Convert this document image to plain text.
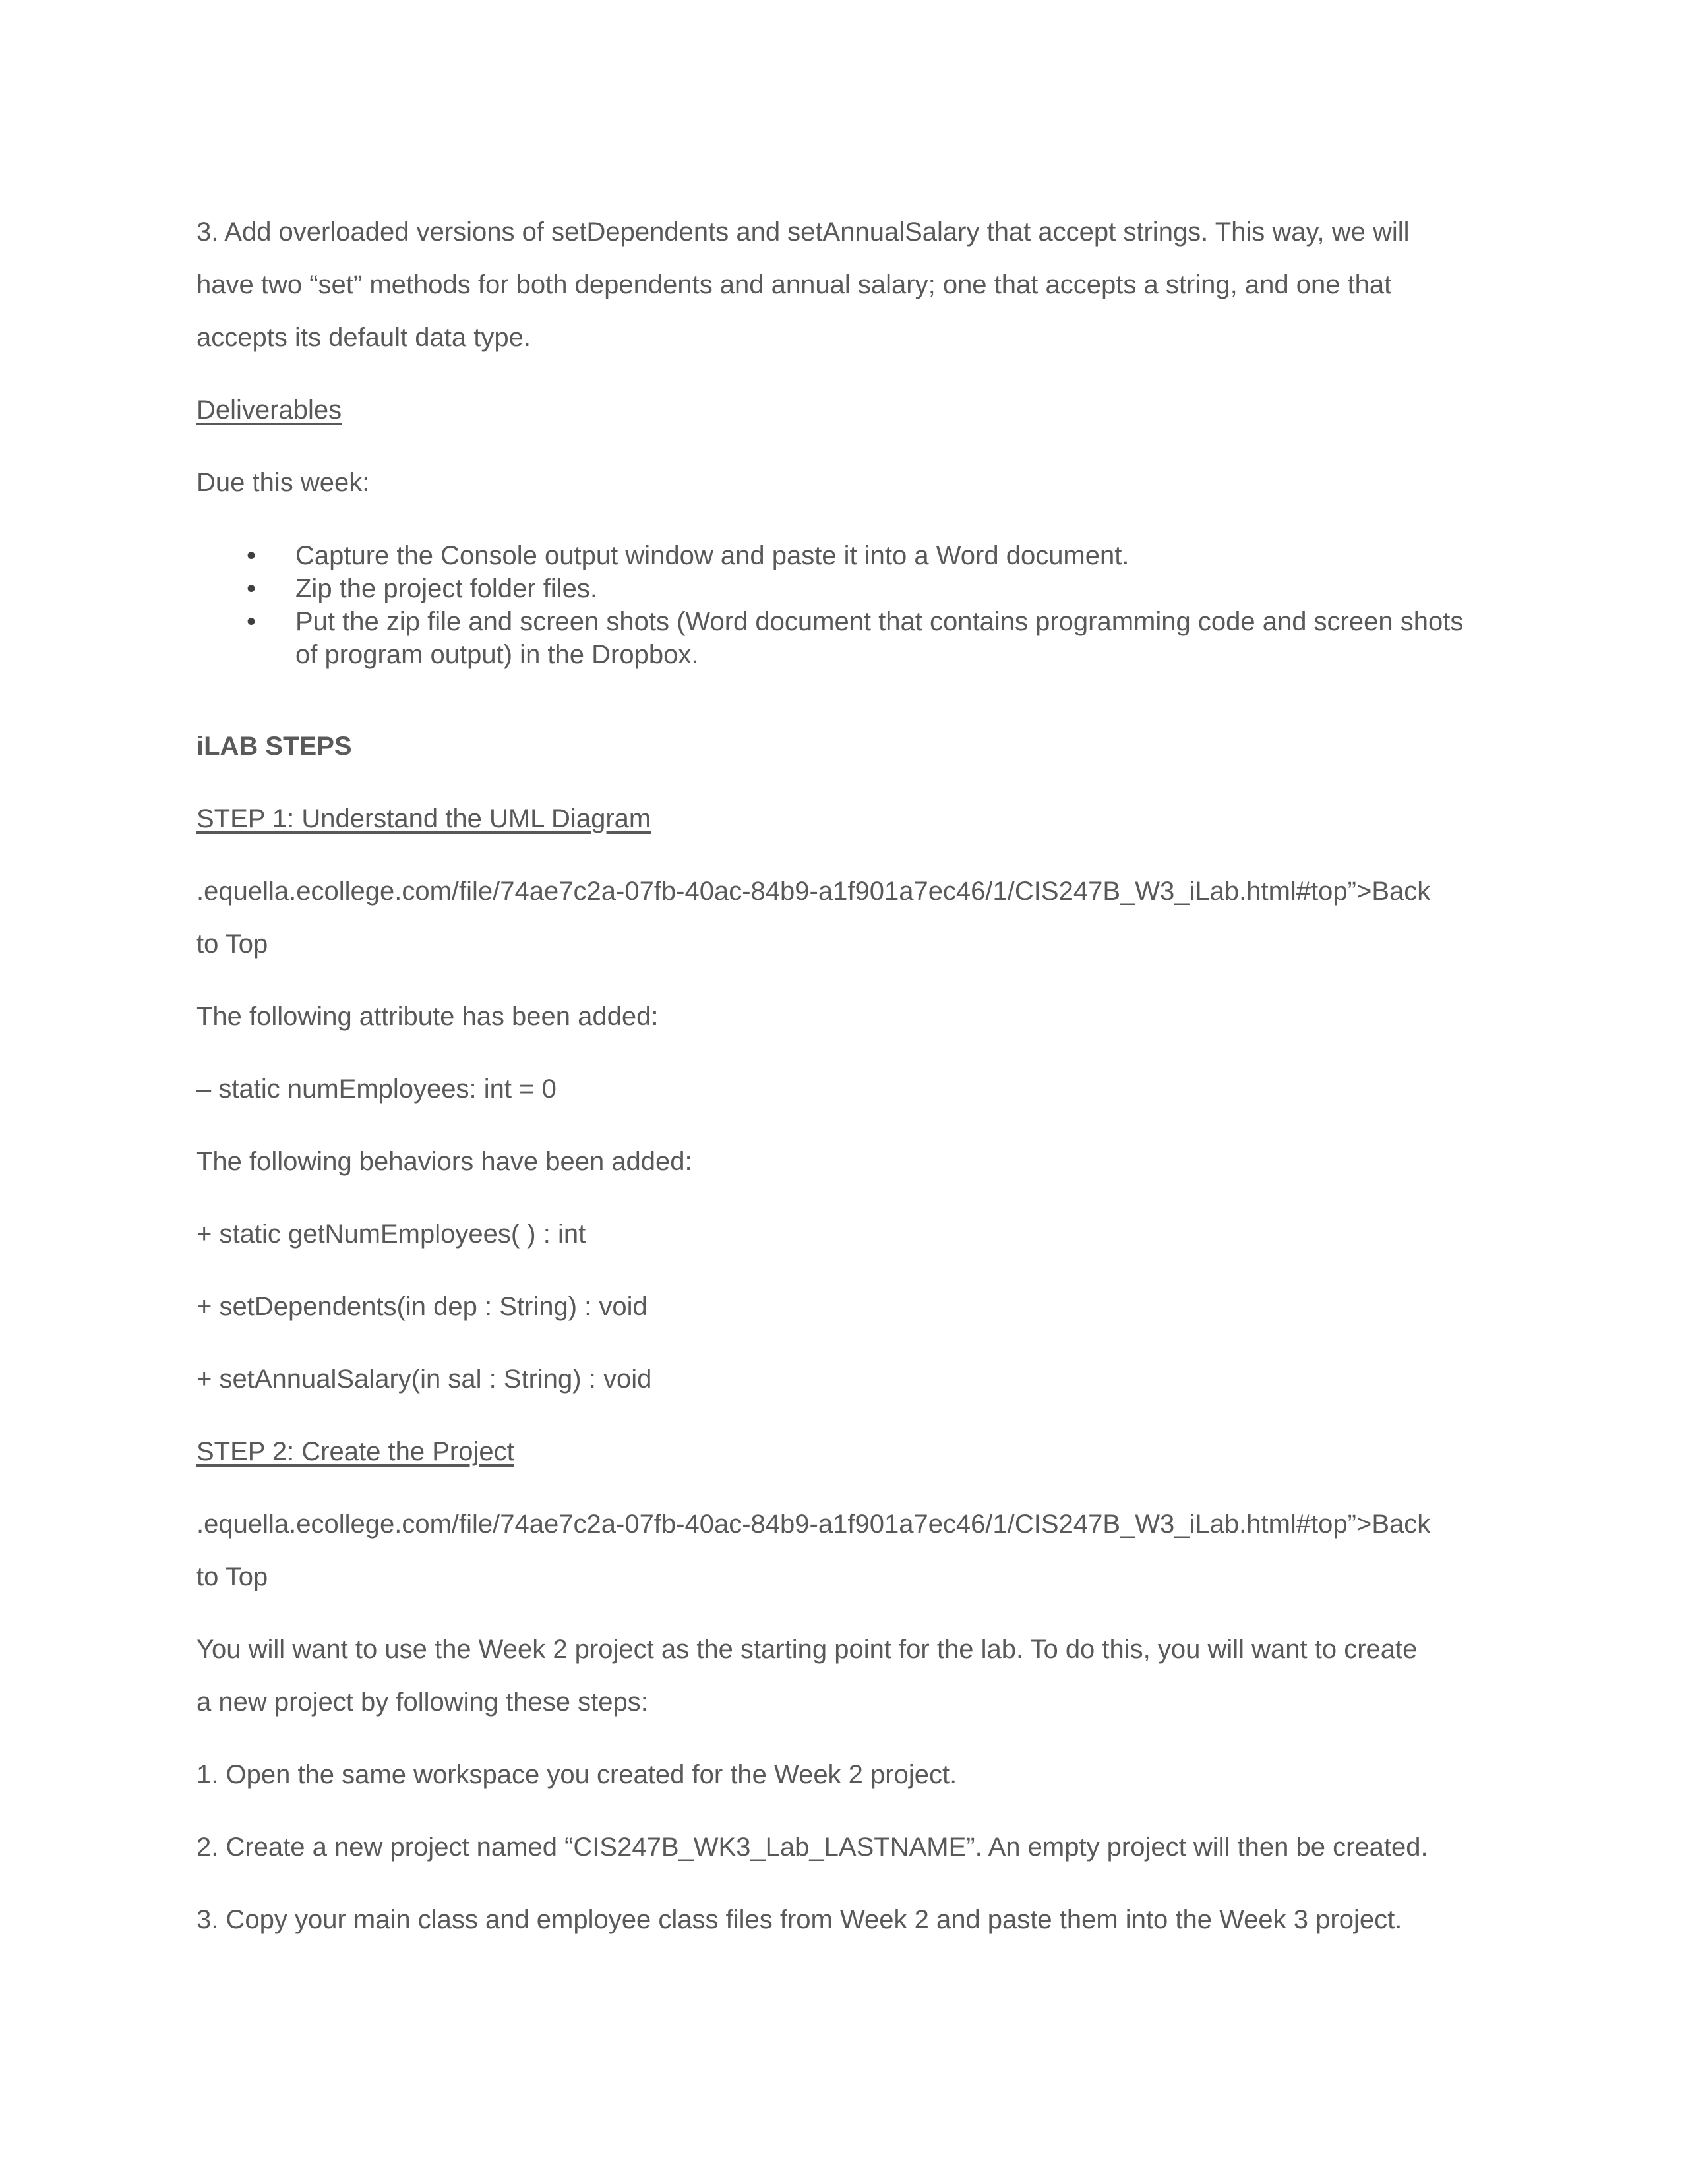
3. Add overloaded versions of setDependents and setAnnualSalary that accept strings. This way, we will

have two “set” methods for both dependents and annual salary; one that accepts a string, and one that

accepts its default data type.

Deliverables

Due this week:

• Capture the Console output window and paste it into a Word document.
• Zip the project folder files.
• Put the zip file and screen shots (Word document that contains programming code and screen shots of program output) in the Dropbox.

iLAB STEPS

STEP 1: Understand the UML Diagram

.equella.ecollege.com/file/74ae7c2a-07fb-40ac-84b9-a1f901a7ec46/1/CIS247B_W3_iLab.html#top”>Back

to Top

The following attribute has been added:

– static numEmployees: int = 0

The following behaviors have been added:

+ static getNumEmployees( ) : int

+ setDependents(in dep : String) : void

+ setAnnualSalary(in sal : String) : void

STEP 2: Create the Project

.equella.ecollege.com/file/74ae7c2a-07fb-40ac-84b9-a1f901a7ec46/1/CIS247B_W3_iLab.html#top”>Back

to Top

You will want to use the Week 2 project as the starting point for the lab. To do this, you will want to create

a new project by following these steps:

1. Open the same workspace you created for the Week 2 project.

2. Create a new project named “CIS247B_WK3_Lab_LASTNAME”. An empty project will then be created.

3. Copy your main class and employee class files from Week 2 and paste them into the Week 3 project.
